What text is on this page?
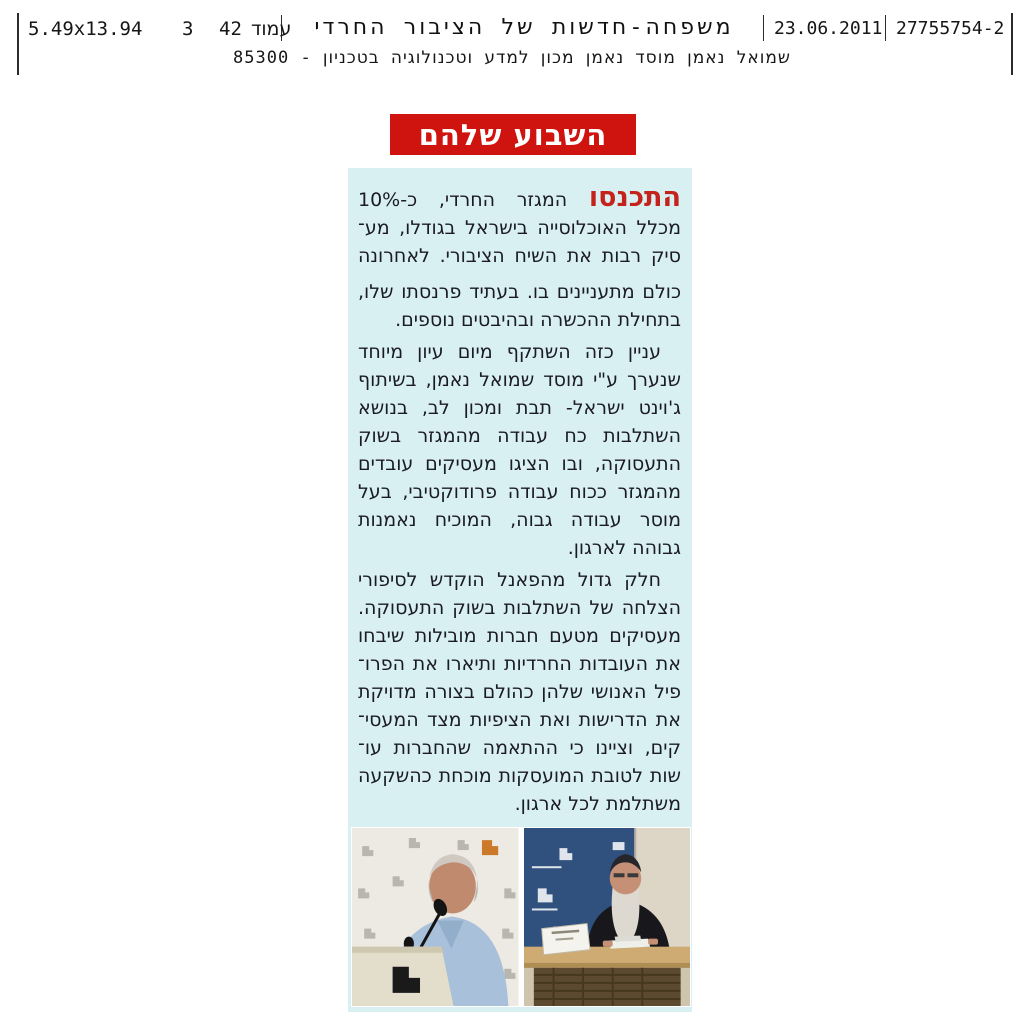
5.49x13.94 3 42 עמוד	משפחה-חדשות של הציבור החרדי	23.06.2011 27755754-2
שמואל נאמן מוסד נאמן מכון למדע וטכנולוגיה בטכניון - 85300
השבוע שלהם
התכנסו המגזר החרדי, כ-10%
מכלל האוכלוסייה בישראל בגודלו, מע־
סיק רבות את השיח הציבורי. לאחרונה
כולם מתעניינים בו. בעתיד פרנסתו שלו,
בתחילת ההכשרה ובהיבטים נוספים.
עניין כזה השתקף מיום עיון מיוחד
שנערך ע"י מוסד שמואל נאמן, בשיתוף
ג'וינט ישראל- תבת ומכון לב, בנושא
השתלבות כח עבודה מהמגזר בשוק
התעסוקה, ובו הציגו מעסיקים עובדים
מהמגזר ככוח עבודה פרודוקטיבי, בעל
מוסר עבודה גבוה, המוכיח נאמנות
גבוהה לארגון.
חלק גדול מהפאנל הוקדש לסיפורי
הצלחה של השתלבות בשוק התעסוקה.
מעסיקים מטעם חברות מובילות שיבחו
את העובדות החרדיות ותיארו את הפרו־
פיל האנושי שלהן כהולם בצורה מדויקת
את הדרישות ואת הציפיות מצד המעסי־
קים, וציינו כי ההתאמה שהחברות עו־
שות לטובת המועסקות מוכחת כהשקעה
משתלמת לכל ארגון.
